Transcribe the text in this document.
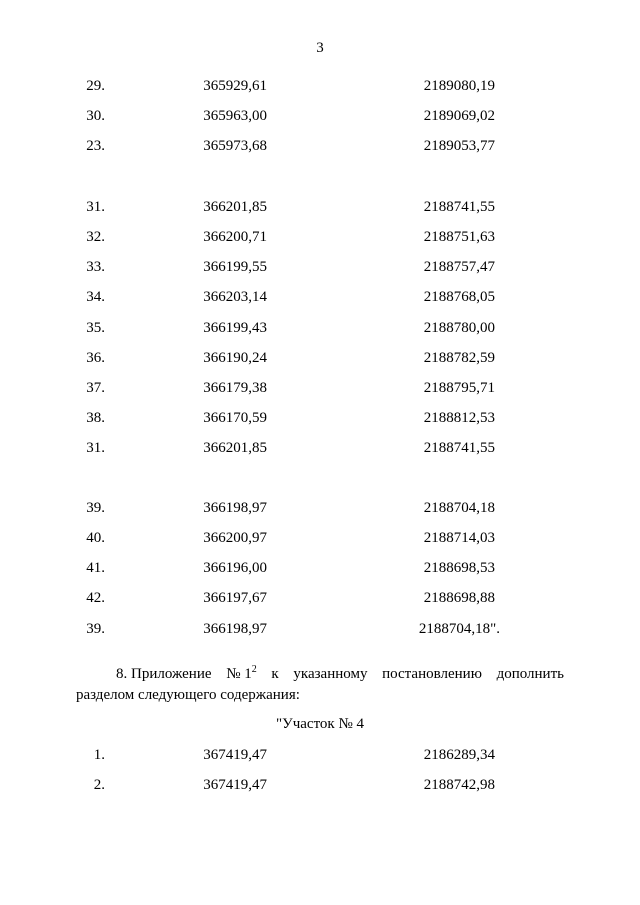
3
29.	365929,61	2189080,19
30.	365963,00	2189069,02
23.	365973,68	2189053,77
31.	366201,85	2188741,55
32.	366200,71	2188751,63
33.	366199,55	2188757,47
34.	366203,14	2188768,05
35.	366199,43	2188780,00
36.	366190,24	2188782,59
37.	366179,38	2188795,71
38.	366170,59	2188812,53
31.	366201,85	2188741,55
39.	366198,97	2188704,18
40.	366200,97	2188714,03
41.	366196,00	2188698,53
42.	366197,67	2188698,88
39.	366198,97	2188704,18".
8. Приложение № $1^2$ к указанному постановлению дополнить
разделом следующего содержания:
"Участок № 4
1.	367419,47	2186289,34
2.	367419,47	2188742,98
